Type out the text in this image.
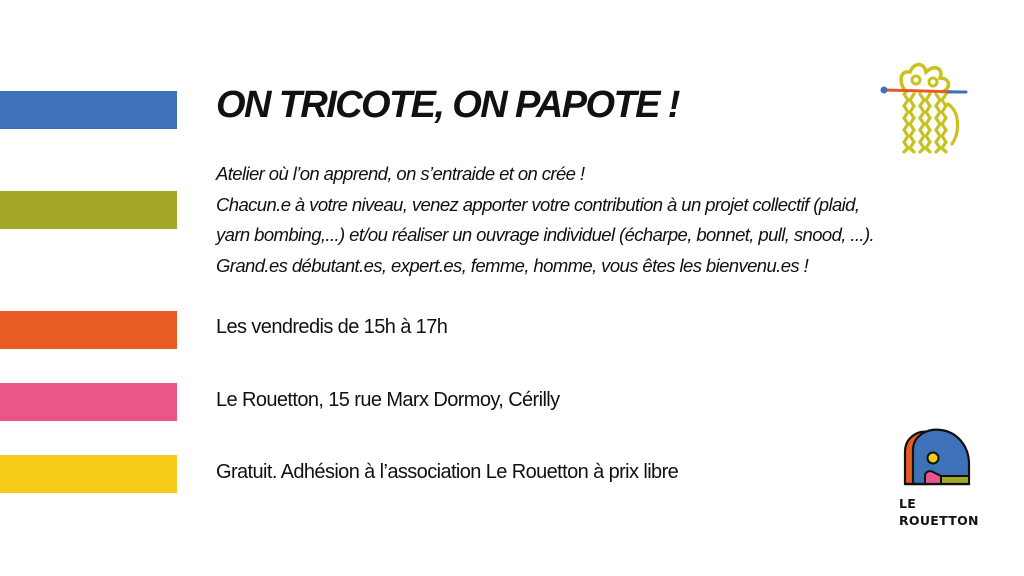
ON TRICOTE, ON PAPOTE !
Atelier où l’on apprend, on s’entraide et on crée !
Chacun.e à votre niveau, venez apporter votre contribution à un projet collectif (plaid,
yarn bombing,...) et/ou réaliser un ouvrage individuel (écharpe, bonnet, pull, snood, ...).
Grand.es débutant.es, expert.es, femme, homme, vous êtes les bienvenu.es !
Les vendredis de 15h à 17h
Le Rouetton, 15 rue Marx Dormoy, Cérilly
Gratuit. Adhésion à l’association Le Rouetton à prix libre
LE
ROUETTON
